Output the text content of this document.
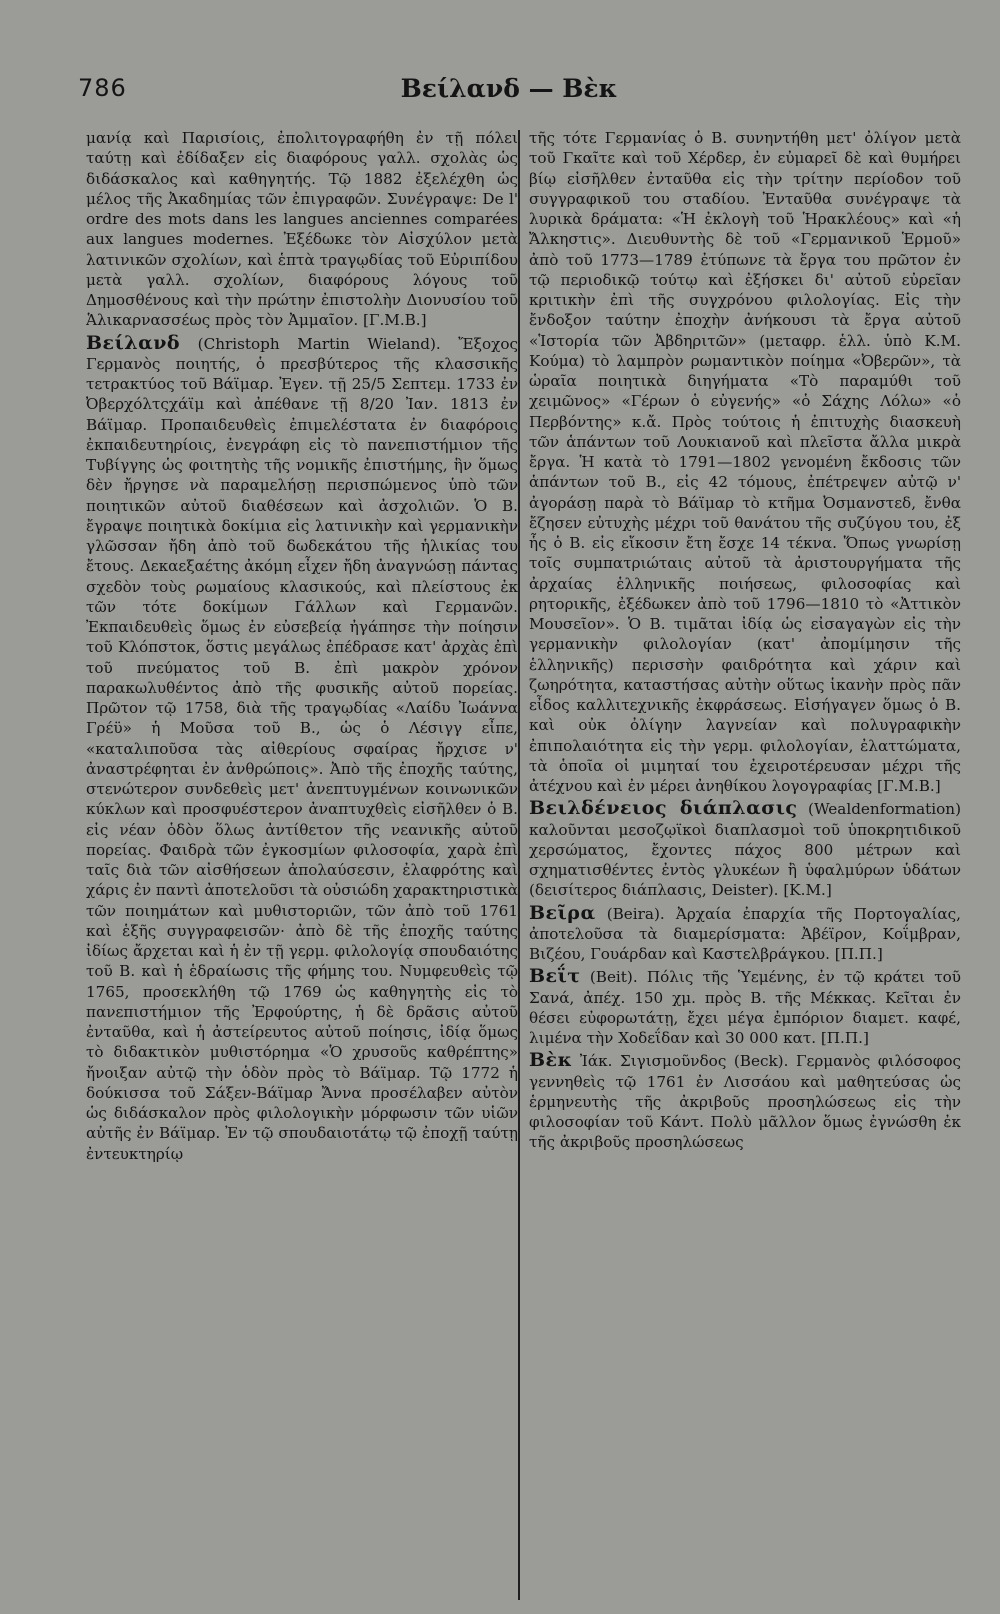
786	Βείλανδ — Βὲκ

μανίᾳ καὶ Παρισίοις, ἐπολιτογραφήθη ἐν τῇ πόλει ταύτῃ καὶ ἐδίδαξεν εἰς διαφόρους γαλλ. σχολὰς ὡς διδάσκαλος καὶ καθηγητής. Τῷ 1882 ἐξελέχθη ὡς μέλος τῆς Ἀκαδημίας τῶν ἐπιγραφῶν. Συνέγραψε: De l' ordre des mots dans les langues anciennes comparées aux langues modernes. Ἐξέδωκε τὸν Αἰσχύλον μετὰ λατινικῶν σχολίων, καὶ ἑπτὰ τραγῳδίας τοῦ Εὐριπίδου μετὰ γαλλ. σχολίων, διαφόρους λόγους τοῦ Δημοσθένους καὶ τὴν πρώτην ἐπιστολὴν Διονυσίου τοῦ Ἁλικαρνασσέως πρὸς τὸν Ἀμμαῖον. [Γ.Μ.Β.]

Βείλανδ (Christoph Martin Wieland). Ἔξοχος Γερμανὸς ποιητής, ὁ πρεσβύτερος τῆς κλασσικῆς τετρακτύος τοῦ Βάϊμαρ. Ἐγεν. τῇ 25/5 Σεπτεμ. 1733 ἐν Ὀβερχόλτςχάϊμ καὶ ἀπέθανε τῇ 8/20 Ἰαν. 1813 ἐν Βάϊμαρ. Προπαιδευθεὶς ἐπιμελέστατα ἐν διαφόροις ἐκπαιδευτηρίοις, ἐνεγράφη εἰς τὸ πανεπιστήμιον τῆς Τυβίγγης ὡς φοιτητὴς τῆς νομικῆς ἐπιστήμης, ἣν ὅμως δὲν ἤργησε νὰ παραμελήσῃ περισπώμενος ὑπὸ τῶν ποιητικῶν αὐτοῦ διαθέσεων καὶ ἀσχολιῶν. Ὁ Β. ἔγραψε ποιητικὰ δοκίμια εἰς λατινικὴν καὶ γερμανικὴν γλῶσσαν ἤδη ἀπὸ τοῦ δωδεκάτου τῆς ἡλικίας του ἔτους. Δεκαεξαέτης ἀκόμη εἶχεν ἤδη ἀναγνώσῃ πάντας σχεδὸν τοὺς ρωμαίους κλασικούς, καὶ πλείστους ἐκ τῶν τότε δοκίμων Γάλλων καὶ Γερμανῶν. Ἐκπαιδευθεὶς ὅμως ἐν εὐσεβείᾳ ἠγάπησε τὴν ποίησιν τοῦ Κλόπστοκ, ὅστις μεγάλως ἐπέδρασε κατ' ἀρχὰς ἐπὶ τοῦ πνεύματος τοῦ Β. ἐπὶ μακρὸν χρόνον παρακωλυθέντος ἀπὸ τῆς φυσικῆς αὐτοῦ πορείας. Πρῶτον τῷ 1758, διὰ τῆς τραγῳδίας «Λαίδυ Ἰωάννα Γρέϋ» ἡ Μοῦσα τοῦ Β., ὡς ὁ Λέσιγγ εἶπε, «καταλιποῦσα τὰς αἰθερίους σφαίρας ἤρχισε ν' ἀναστρέφηται ἐν ἀνθρώποις». Ἀπὸ τῆς ἐποχῆς ταύτης, στενώτερον συνδεθεὶς μετ' ἀνεπτυγμένων κοινωνικῶν κύκλων καὶ προσφυέστερον ἀναπτυχθεὶς εἰσῆλθεν ὁ Β. εἰς νέαν ὁδὸν ὅλως ἀντίθετον τῆς νεανικῆς αὐτοῦ πορείας. Φαιδρὰ τῶν ἐγκοσμίων φιλοσοφία, χαρὰ ἐπὶ ταῖς διὰ τῶν αἰσθήσεων ἀπολαύσεσιν, ἐλαφρότης καὶ χάρις ἐν παντὶ ἀποτελοῦσι τὰ οὐσιώδη χαρακτηριστικὰ τῶν ποιημάτων καὶ μυθιστοριῶν, τῶν ἀπὸ τοῦ 1761 καὶ ἑξῆς συγγραφεισῶν· ἀπὸ δὲ τῆς ἐποχῆς ταύτης ἰδίως ἄρχεται καὶ ἡ ἐν τῇ γερμ. φιλολογίᾳ σπουδαιότης τοῦ Β. καὶ ἡ ἑδραίωσις τῆς φήμης του. Νυμφευθεὶς τῷ 1765, προσεκλήθη τῷ 1769 ὡς καθηγητὴς εἰς τὸ πανεπιστήμιον τῆς Ἐρφούρτης, ἡ δὲ δρᾶσις αὐτοῦ ἐνταῦθα, καὶ ἡ ἀστείρευτος αὐτοῦ ποίησις, ἰδίᾳ ὅμως τὸ διδακτικὸν μυθιστόρημα «Ὁ χρυσοῦς καθρέπτης» ἤνοιξαν αὐτῷ τὴν ὁδὸν πρὸς τὸ Βάϊμαρ. Τῷ 1772 ἡ δούκισσα τοῦ Σάξεν-Βάϊμαρ Ἄννα προσέλαβεν αὐτὸν ὡς διδάσκαλον πρὸς φιλολογικὴν μόρφωσιν τῶν υἱῶν αὐτῆς ἐν Βάϊμαρ. Ἐν τῷ σπουδαιοτάτῳ τῷ ἐποχῇ ταύτῃ ἐντευκτηρίῳ

τῆς τότε Γερμανίας ὁ Β. συνηντήθη μετ' ὀλίγον μετὰ τοῦ Γκαῖτε καὶ τοῦ Χέρδερ, ἐν εὐμαρεῖ δὲ καὶ θυμήρει βίῳ εἰσῆλθεν ἐνταῦθα εἰς τὴν τρίτην περίοδον τοῦ συγγραφικοῦ του σταδίου. Ἐνταῦθα συνέγραψε τὰ λυρικὰ δράματα: «Ἡ ἐκλογὴ τοῦ Ἡρακλέους» καὶ «ἡ Ἄλκηστις». Διευθυντὴς δὲ τοῦ «Γερμανικοῦ Ἑρμοῦ» ἀπὸ τοῦ 1773—1789 ἐτύπωνε τὰ ἔργα του πρῶτον ἐν τῷ περιοδικῷ τούτῳ καὶ ἐξήσκει δι' αὐτοῦ εὐρεῖαν κριτικὴν ἐπὶ τῆς συγχρόνου φιλολογίας. Εἰς τὴν ἔνδοξον ταύτην ἐποχὴν ἀνήκουσι τὰ ἔργα αὐτοῦ «Ἱστορία τῶν Ἀβδηριτῶν» (μεταφρ. ἑλλ. ὑπὸ Κ.Μ. Κούμα) τὸ λαμπρὸν ρωμαντικὸν ποίημα «Ὀβερῶν», τὰ ὡραῖα ποιητικὰ διηγήματα «Τὸ παραμύθι τοῦ χειμῶνος» «Γέρων ὁ εὐγενής» «ὁ Σάχης Λόλω» «ὁ Περβόντης» κ.ἄ. Πρὸς τούτοις ἡ ἐπιτυχὴς διασκευὴ τῶν ἁπάντων τοῦ Λουκιανοῦ καὶ πλεῖστα ἄλλα μικρὰ ἔργα. Ἡ κατὰ τὸ 1791—1802 γενομένη ἔκδοσις τῶν ἁπάντων τοῦ Β., εἰς 42 τόμους, ἐπέτρεψεν αὐτῷ ν' ἀγοράσῃ παρὰ τὸ Βάϊμαρ τὸ κτῆμα Ὀσμανστεδ, ἔνθα ἔζησεν εὐτυχὴς μέχρι τοῦ θανάτου τῆς συζύγου του, ἐξ ἧς ὁ Β. εἰς εἴκοσιν ἔτη ἔσχε 14 τέκνα. Ὅπως γνωρίσῃ τοῖς συμπατριώταις αὐτοῦ τὰ ἀριστουργήματα τῆς ἀρχαίας ἑλληνικῆς ποιήσεως, φιλοσοφίας καὶ ρητορικῆς, ἐξέδωκεν ἀπὸ τοῦ 1796—1810 τὸ «Ἀττικὸν Μουσεῖον». Ὁ Β. τιμᾶται ἰδίᾳ ὡς εἰσαγαγὼν εἰς τὴν γερμανικὴν φιλολογίαν (κατ' ἀπομίμησιν τῆς ἑλληνικῆς) περισσὴν φαιδρότητα καὶ χάριν καὶ ζωηρότητα, καταστήσας αὐτὴν οὕτως ἱκανὴν πρὸς πᾶν εἶδος καλλιτεχνικῆς ἐκφράσεως. Εἰσήγαγεν ὅμως ὁ Β. καὶ οὐκ ὀλίγην λαγνείαν καὶ πολυγραφικὴν ἐπιπολαιότητα εἰς τὴν γερμ. φιλολογίαν, ἐλαττώματα, τὰ ὁποῖα οἱ μιμηταί του ἐχειροτέρευσαν μέχρι τῆς ἀτέχνου καὶ ἐν μέρει ἀνηθίκου λογογραφίας [Γ.Μ.Β.]

Βειλδένειος διάπλασις (Wealdenformation) καλοῦνται μεσοζῳϊκοὶ διαπλασμοὶ τοῦ ὑποκρητιδικοῦ χερσώματος, ἔχοντες πάχος 800 μέτρων καὶ σχηματισθέντες ἐντὸς γλυκέων ἢ ὑφαλμύρων ὑδάτων (δεισίτερος διάπλασις, Deister). [Κ.Μ.]

Βεῖρα (Beira). Ἀρχαία ἐπαρχία τῆς Πορτογαλίας, ἀποτελοῦσα τὰ διαμερίσματα: Ἀβέϊρον, Κοΐμβραν, Βιζέου, Γουάρδαν καὶ Καστελβράγκου. [Π.Π.]

Βεΐτ (Beit). Πόλις τῆς Ὑεμένης, ἐν τῷ κράτει τοῦ Σανά, ἀπέχ. 150 χμ. πρὸς Β. τῆς Μέκκας. Κεῖται ἐν θέσει εὐφορωτάτῃ, ἔχει μέγα ἐμπόριον διαμετ. καφέ, λιμένα τὴν Χοδεΐδαν καὶ 30 000 κατ. [Π.Π.]

Βὲκ Ἰάκ. Σιγισμοῦνδος (Beck). Γερμανὸς φιλόσοφος γεννηθεὶς τῷ 1761 ἐν Λισσάου καὶ μαθητεύσας ὡς ἑρμηνευτὴς τῆς ἀκριβοῦς προσηλώσεως εἰς τὴν φιλοσοφίαν τοῦ Κάντ. Πολὺ μᾶλλον ὅμως ἐγνώσθη ἐκ τῆς ἀκριβοῦς προσηλώσεως
